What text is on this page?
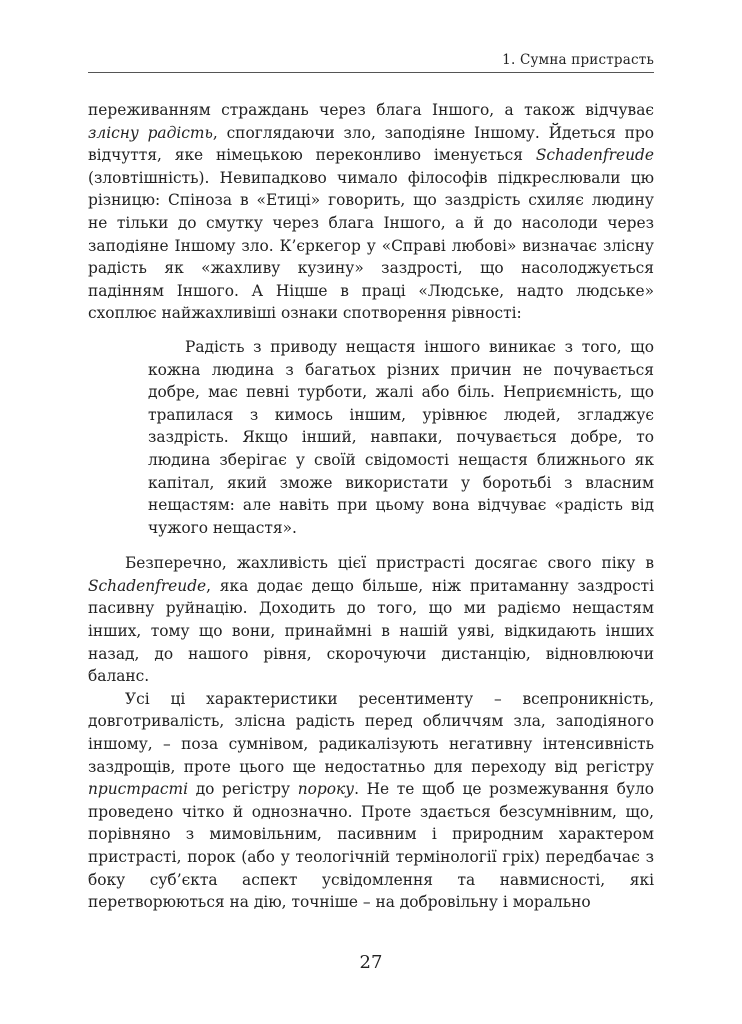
1. Сумна пристрасть

переживанням страждань через блага Іншого, а також відчуває злісну радість, споглядаючи зло, заподіяне Іншому. Йдеться про відчуття, яке німецькою переконливо іменується Schadenfreude (зловтішність). Невипадково чимало філософів підкреслювали цю різницю: Спіноза в «Етиці» говорить, що заздрість схиляє людину не тільки до смутку через блага Іншого, а й до насолоди через заподіяне Іншому зло. К’єркегор у «Справі любові» визначає злісну радість як «жахливу кузину» заздрості, що насолоджується падінням Іншого. А Ніцше в праці «Людське, надто людське» схоплює найжахливіші ознаки спотворення рівності:

Радість з приводу нещастя іншого виникає з того, що кожна людина з багатьох різних причин не почувається добре, має певні турботи, жалі або біль. Неприємність, що трапилася з кимось іншим, урівнює людей, згладжує заздрість. Якщо інший, навпаки, почувається добре, то людина зберігає у своїй свідомості нещастя ближнього як капітал, який зможе використати у боротьбі з власним нещастям: але навіть при цьому вона відчуває «радість від чужого нещастя».

Безперечно, жахливість цієї пристрасті досягає свого піку в Schadenfreude, яка додає дещо більше, ніж притаманну заздрості пасивну руйнацію. Доходить до того, що ми радіємо нещастям інших, тому що вони, принаймні в нашій уяві, відкидають інших назад, до нашого рівня, скорочуючи дистанцію, відновлюючи баланс.

Усі ці характеристики ресентименту – всепроникність, довготривалість, злісна радість перед обличчям зла, заподіяного іншому, – поза сумнівом, радикалізують негативну інтенсивність заздрощів, проте цього ще недостатньо для переходу від регістру пристрасті до регістру пороку. Не те щоб це розмежування було проведено чітко й однозначно. Проте здається безсумнівним, що, порівняно з мимовільним, пасивним і природним характером пристрасті, порок (або у теологічній термінології гріх) передбачає з боку суб’єкта аспект усвідомлення та навмисності, які перетворюються на дію, точніше – на добровільну і морально

27
